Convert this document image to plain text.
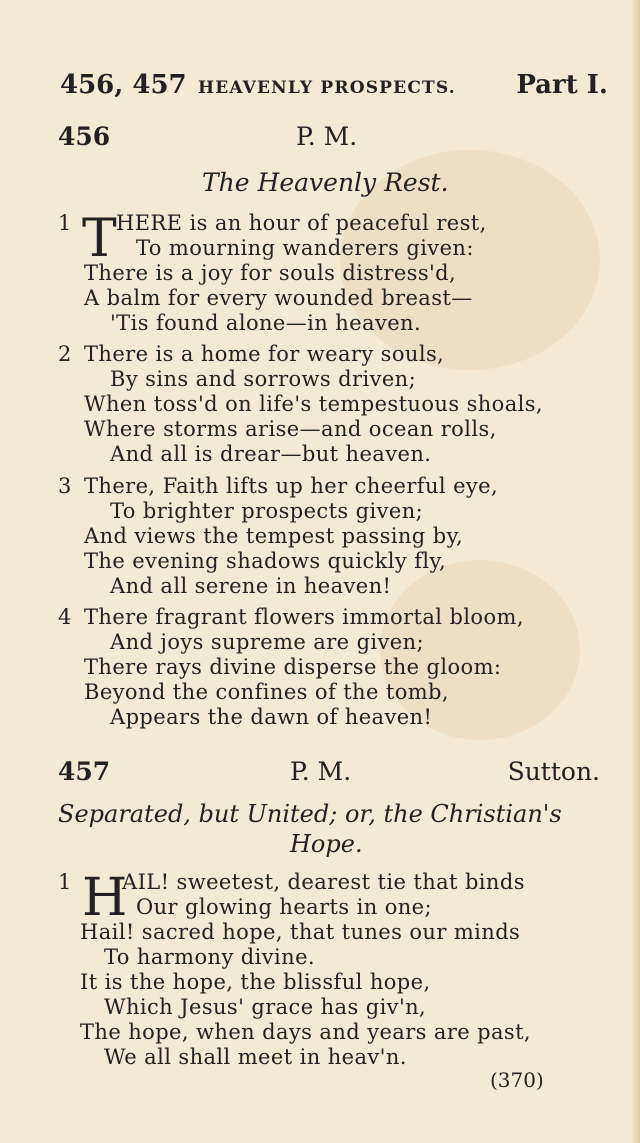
456, 457 HEAVENLY PROSPECTS. Part I.
456	P. M.
The Heavenly Rest.
1 T
HERE is an hour of peaceful rest,
To mourning wanderers given:
There is a joy for souls distress'd,
A balm for every wounded breast—
'Tis found alone—in heaven.
2 There is a home for weary souls,
By sins and sorrows driven;
When toss'd on life's tempestuous shoals,
Where storms arise—and ocean rolls,
And all is drear—but heaven.
3 There, Faith lifts up her cheerful eye,
To brighter prospects given;
And views the tempest passing by,
The evening shadows quickly fly,
And all serene in heaven!
4 There fragrant flowers immortal bloom,
And joys supreme are given;
There rays divine disperse the gloom:
Beyond the confines of the tomb,
Appears the dawn of heaven!
457	P. M.	Sutton.
Separated, but United; or, the Christian's
Hope.
1 H
AIL! sweetest, dearest tie that binds
Our glowing hearts in one;
Hail! sacred hope, that tunes our minds
To harmony divine.
It is the hope, the blissful hope,
Which Jesus' grace has giv'n,
The hope, when days and years are past,
We all shall meet in heav'n.
(370)
